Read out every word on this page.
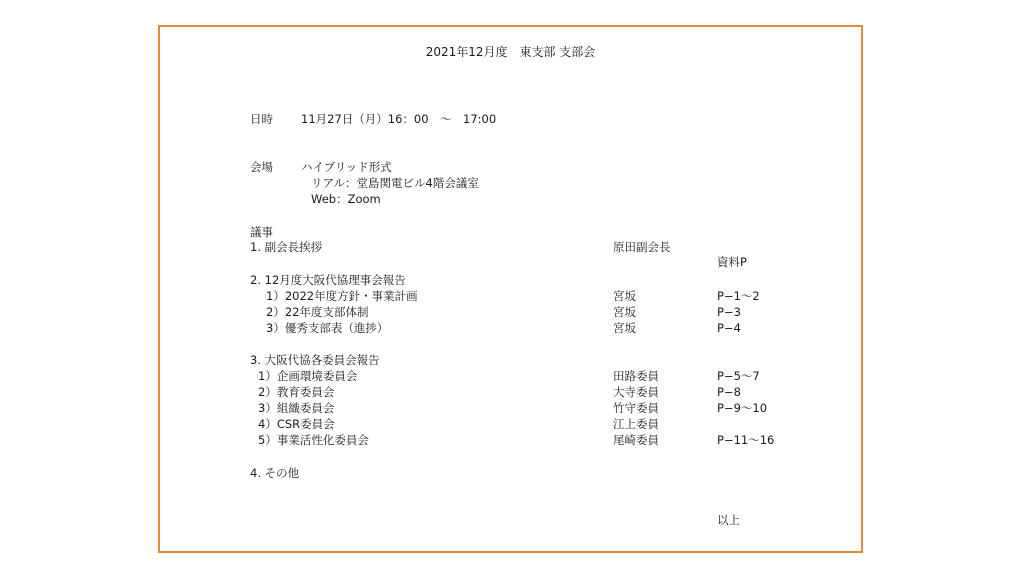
2021年12月度　東支部 支部会
日時 11月27日（月）16：00　～　17:00
会場 ハイブリッド形式
リアル：堂島関電ビル4階会議室
Web：Zoom
議事
1. 副会長挨拶	原田副会長
資料P
2. 12月度大阪代協理事会報告
1）2022年度方針・事業計画	宮坂	P−1～2
2）22年度支部体制	宮坂	P−3
3）優秀支部表（進捗）	宮坂	P−4
3. 大阪代協各委員会報告
1）企画環境委員会	田路委員	P−5～7
2）教育委員会	大寺委員	P−8
3）組織委員会	竹守委員	P−9～10
4）CSR委員会	江上委員
5）事業活性化委員会	尾崎委員	P−11～16
4. その他
以上
